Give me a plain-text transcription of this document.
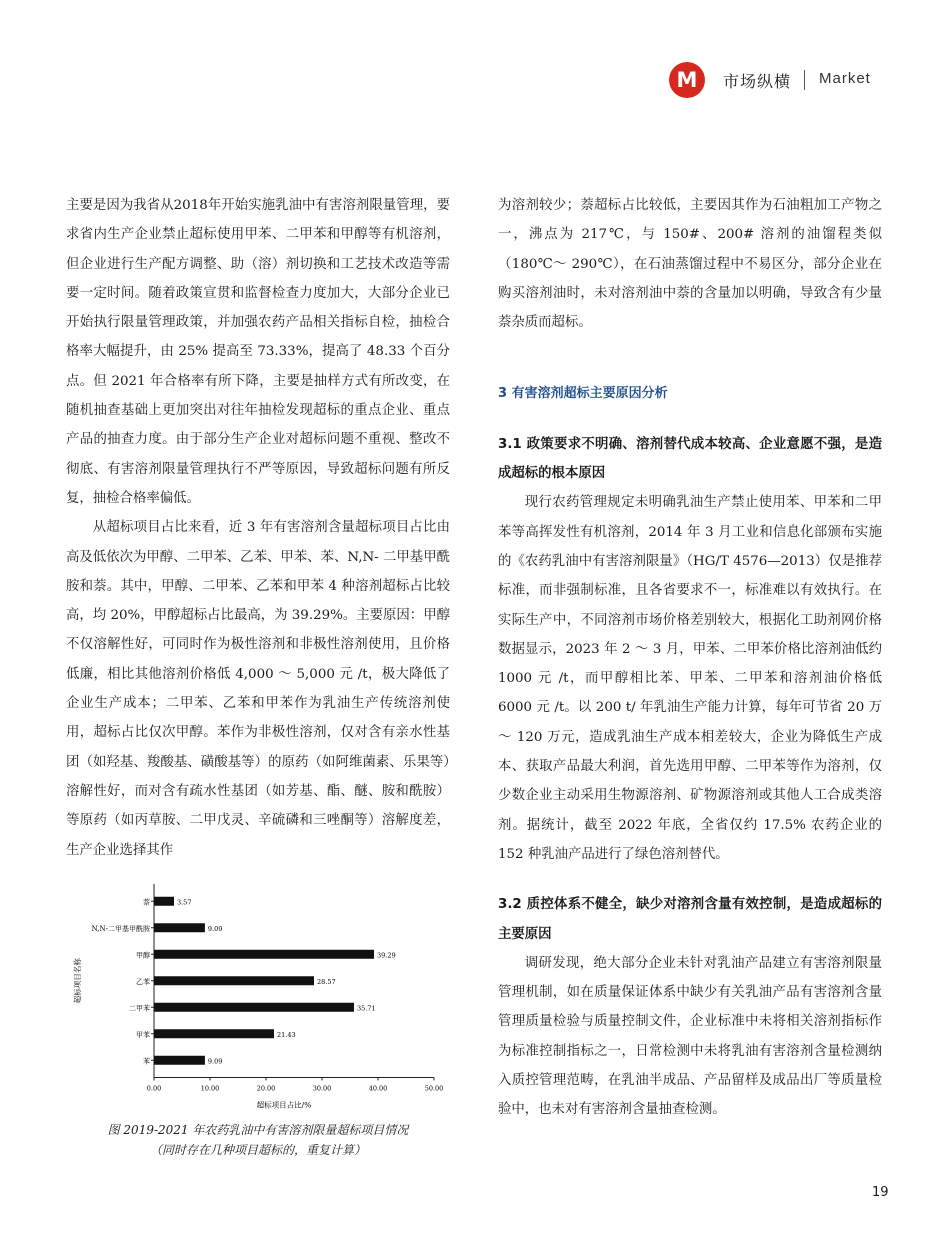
M	市场纵横 Market

主要是因为我省从2018年开始实施乳油中有害溶剂限量管理，要求省内生产企业禁止超标使用甲苯、二甲苯和甲醇等有机溶剂，但企业进行生产配方调整、助（溶）剂切换和工艺技术改造等需要一定时间。随着政策宣贯和监督检查力度加大，大部分企业已开始执行限量管理政策，并加强农药产品相关指标自检，抽检合格率大幅提升，由 25% 提高至 73.33%，提高了 48.33 个百分点。但 2021 年合格率有所下降，主要是抽样方式有所改变，在随机抽查基础上更加突出对往年抽检发现超标的重点企业、重点产品的抽查力度。由于部分生产企业对超标问题不重视、整改不彻底、有害溶剂限量管理执行不严等原因，导致超标问题有所反复，抽检合格率偏低。

从超标项目占比来看，近 3 年有害溶剂含量超标项目占比由高及低依次为甲醇、二甲苯、乙苯、甲苯、苯、N,N- 二甲基甲酰胺和萘。其中，甲醇、二甲苯、乙苯和甲苯 4 种溶剂超标占比较高，均 20%，甲醇超标占比最高，为 39.29%。主要原因：甲醇不仅溶解性好，可同时作为极性溶剂和非极性溶剂使用，且价格低廉，相比其他溶剂价格低 4,000 ～ 5,000 元 /t，极大降低了企业生产成本；二甲苯、乙苯和甲苯作为乳油生产传统溶剂使用，超标占比仅次甲醇。苯作为非极性溶剂，仅对含有亲水性基团（如羟基、羧酸基、磺酸基等）的原药（如阿维菌素、乐果等）溶解性好，而对含有疏水性基团（如芳基、酯、醚、胺和酰胺）等原药（如丙草胺、二甲戊灵、辛硫磷和三唑酮等）溶解度差，生产企业选择其作

萘	3.57
N,N-二甲基甲酰胺	9.09
甲醇	39.29
乙苯	28.57
二甲苯	35.71
甲苯	21.43
苯	9.09
0.00	10.00	20.00	30.00	40.00	50.00
超标项目占比/%
超标项目名称
图 2019-2021 年农药乳油中有害溶剂限量超标项目情况
（同时存在几种项目超标的，重复计算）

为溶剂较少；萘超标占比较低，主要因其作为石油粗加工产物之一，沸点为 217℃，与 150#、200# 溶剂的油馏程类似（180℃～ 290℃），在石油蒸馏过程中不易区分，部分企业在购买溶剂油时，未对溶剂油中萘的含量加以明确，导致含有少量萘杂质而超标。

3 有害溶剂超标主要原因分析

3.1 政策要求不明确、溶剂替代成本较高、企业意愿不强，是造成超标的根本原因

现行农药管理规定未明确乳油生产禁止使用苯、甲苯和二甲苯等高挥发性有机溶剂，2014 年 3 月工业和信息化部颁布实施的《农药乳油中有害溶剂限量》（HG/T 4576—2013）仅是推荐标准，而非强制标准，且各省要求不一，标准难以有效执行。在实际生产中，不同溶剂市场价格差别较大，根据化工助剂网价格数据显示，2023 年 2 ～ 3 月，甲苯、二甲苯价格比溶剂油低约 1000 元 /t，而甲醇相比苯、甲苯、二甲苯和溶剂油价格低 6000 元 /t。以 200 t/ 年乳油生产能力计算，每年可节省 20 万～ 120 万元，造成乳油生产成本相差较大，企业为降低生产成本、获取产品最大利润，首先选用甲醇、二甲苯等作为溶剂，仅少数企业主动采用生物源溶剂、矿物源溶剂或其他人工合成类溶剂。据统计，截至 2022 年底，全省仅约 17.5% 农药企业的 152 种乳油产品进行了绿色溶剂替代。

3.2 质控体系不健全，缺少对溶剂含量有效控制，是造成超标的主要原因

调研发现，绝大部分企业未针对乳油产品建立有害溶剂限量管理机制，如在质量保证体系中缺少有关乳油产品有害溶剂含量管理质量检验与质量控制文件，企业标准中未将相关溶剂指标作为标准控制指标之一，日常检测中未将乳油有害溶剂含量检测纳入质控管理范畴，在乳油半成品、产品留样及成品出厂等质量检验中，也未对有害溶剂含量抽查检测。

19
